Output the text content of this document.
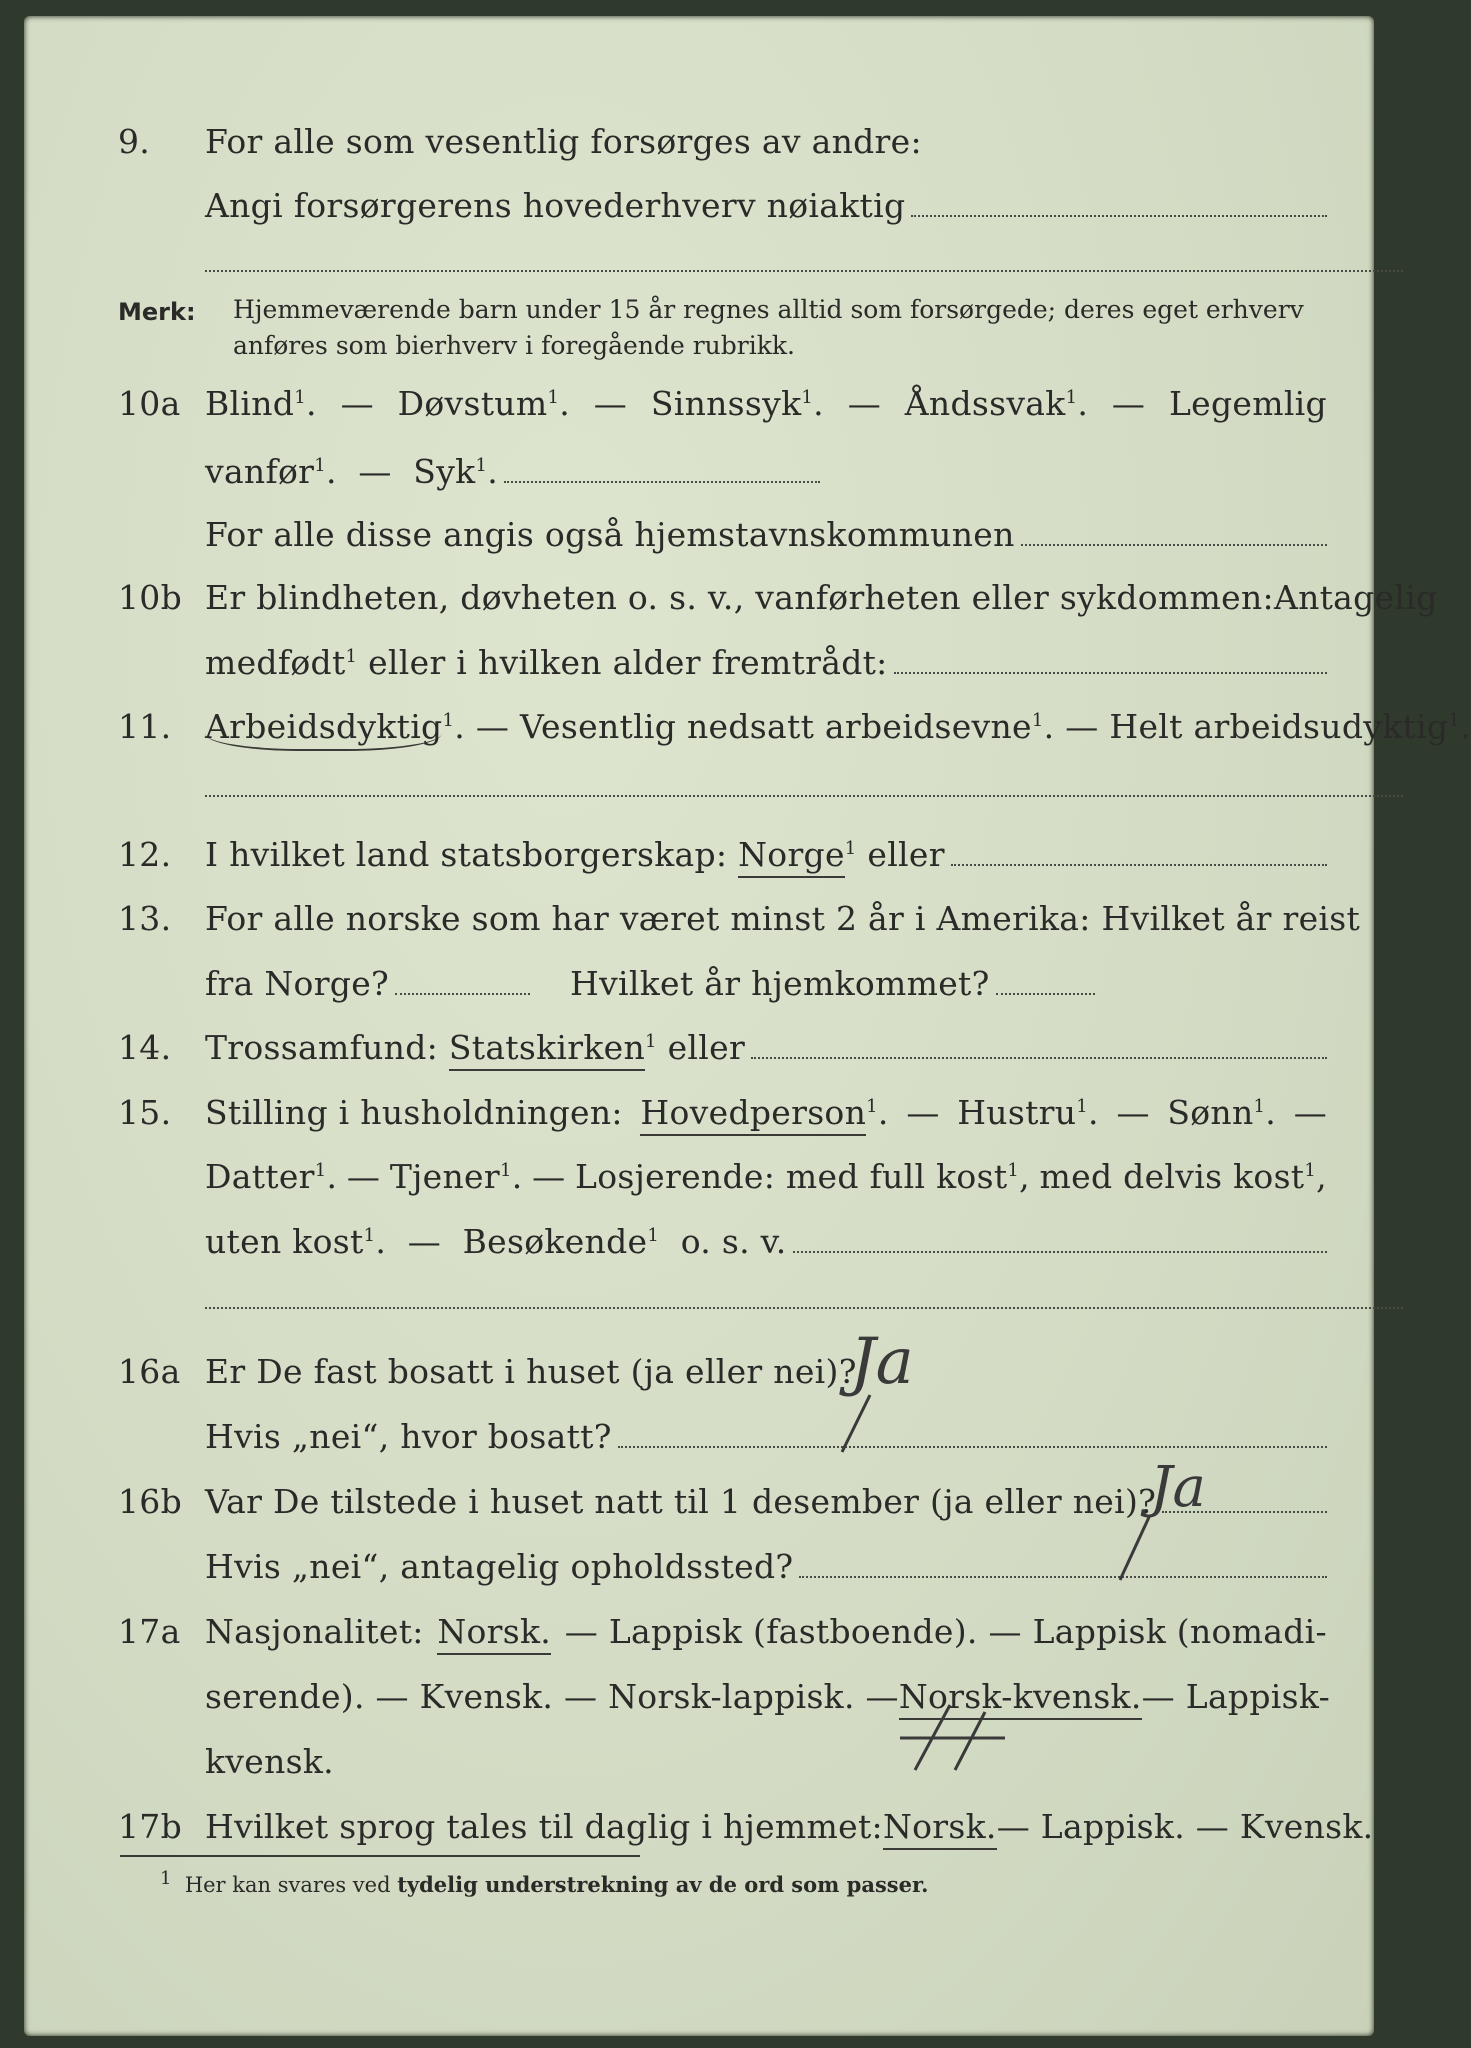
9. For alle som vesentlig forsørges av andre:
Angi forsørgerens hovederhverv nøiaktig
Merk: Hjemmeværende barn under 15 år regnes alltid som forsørgede; deres eget erhverv
anføres som bierhverv i foregående rubrikk.
10a Blind$^1$. — Døvstum$^1$. — Sinnssyk$^1$. — Åndssvak$^1$. — Legemlig
vanfør$^1$.  — Syk$^1$.
For alle disse angis også hjemstavnskommunen
10b Er blindheten, døvheten o. s. v., vanførheten eller sykdommen: Antagelig
medfødt$^1$ eller i hvilken alder fremtrådt:
11. Arbeidsdyktig$^1$. — Vesentlig nedsatt arbeidsevne$^1$. — Helt arbeidsudyktig$^1$.
12. I hvilket land statsborgerskap: Norge$^1$ eller
13. For alle norske som har været minst 2 år i Amerika: Hvilket år reist
fra Norge?	Hvilket år hjemkommet?
14. Trossamfund: Statskirken$^1$ eller
15. Stilling i husholdningen: Hovedperson$^1$. — Hustru$^1$. — Sønn$^1$. —
Datter$^1$. — Tjener$^1$. — Losjerende: med full kost$^1$, med delvis kost$^1$,
uten kost$^1$.  — Besøkende$^1$ o. s. v.
16a Er De fast bosatt i huset (ja eller nei)?
Ja
Hvis „nei“, hvor bosatt?
16b Var De tilstede i huset natt til 1 desember (ja eller nei)?
Ja
Hvis „nei“, antagelig opholdssted?
17a Nasjonalitet: Norsk. — Lappisk (fastboende). — Lappisk (nomadi-
serende). — Kvensk. — Norsk-lappisk. — Norsk-kvensk. — Lappisk-
kvensk.
17b Hvilket sprog tales til daglig i hjemmet: Norsk. — Lappisk. — Kvensk.
$^1$ Her kan svares ved tydelig understrekning av de ord som passer.
